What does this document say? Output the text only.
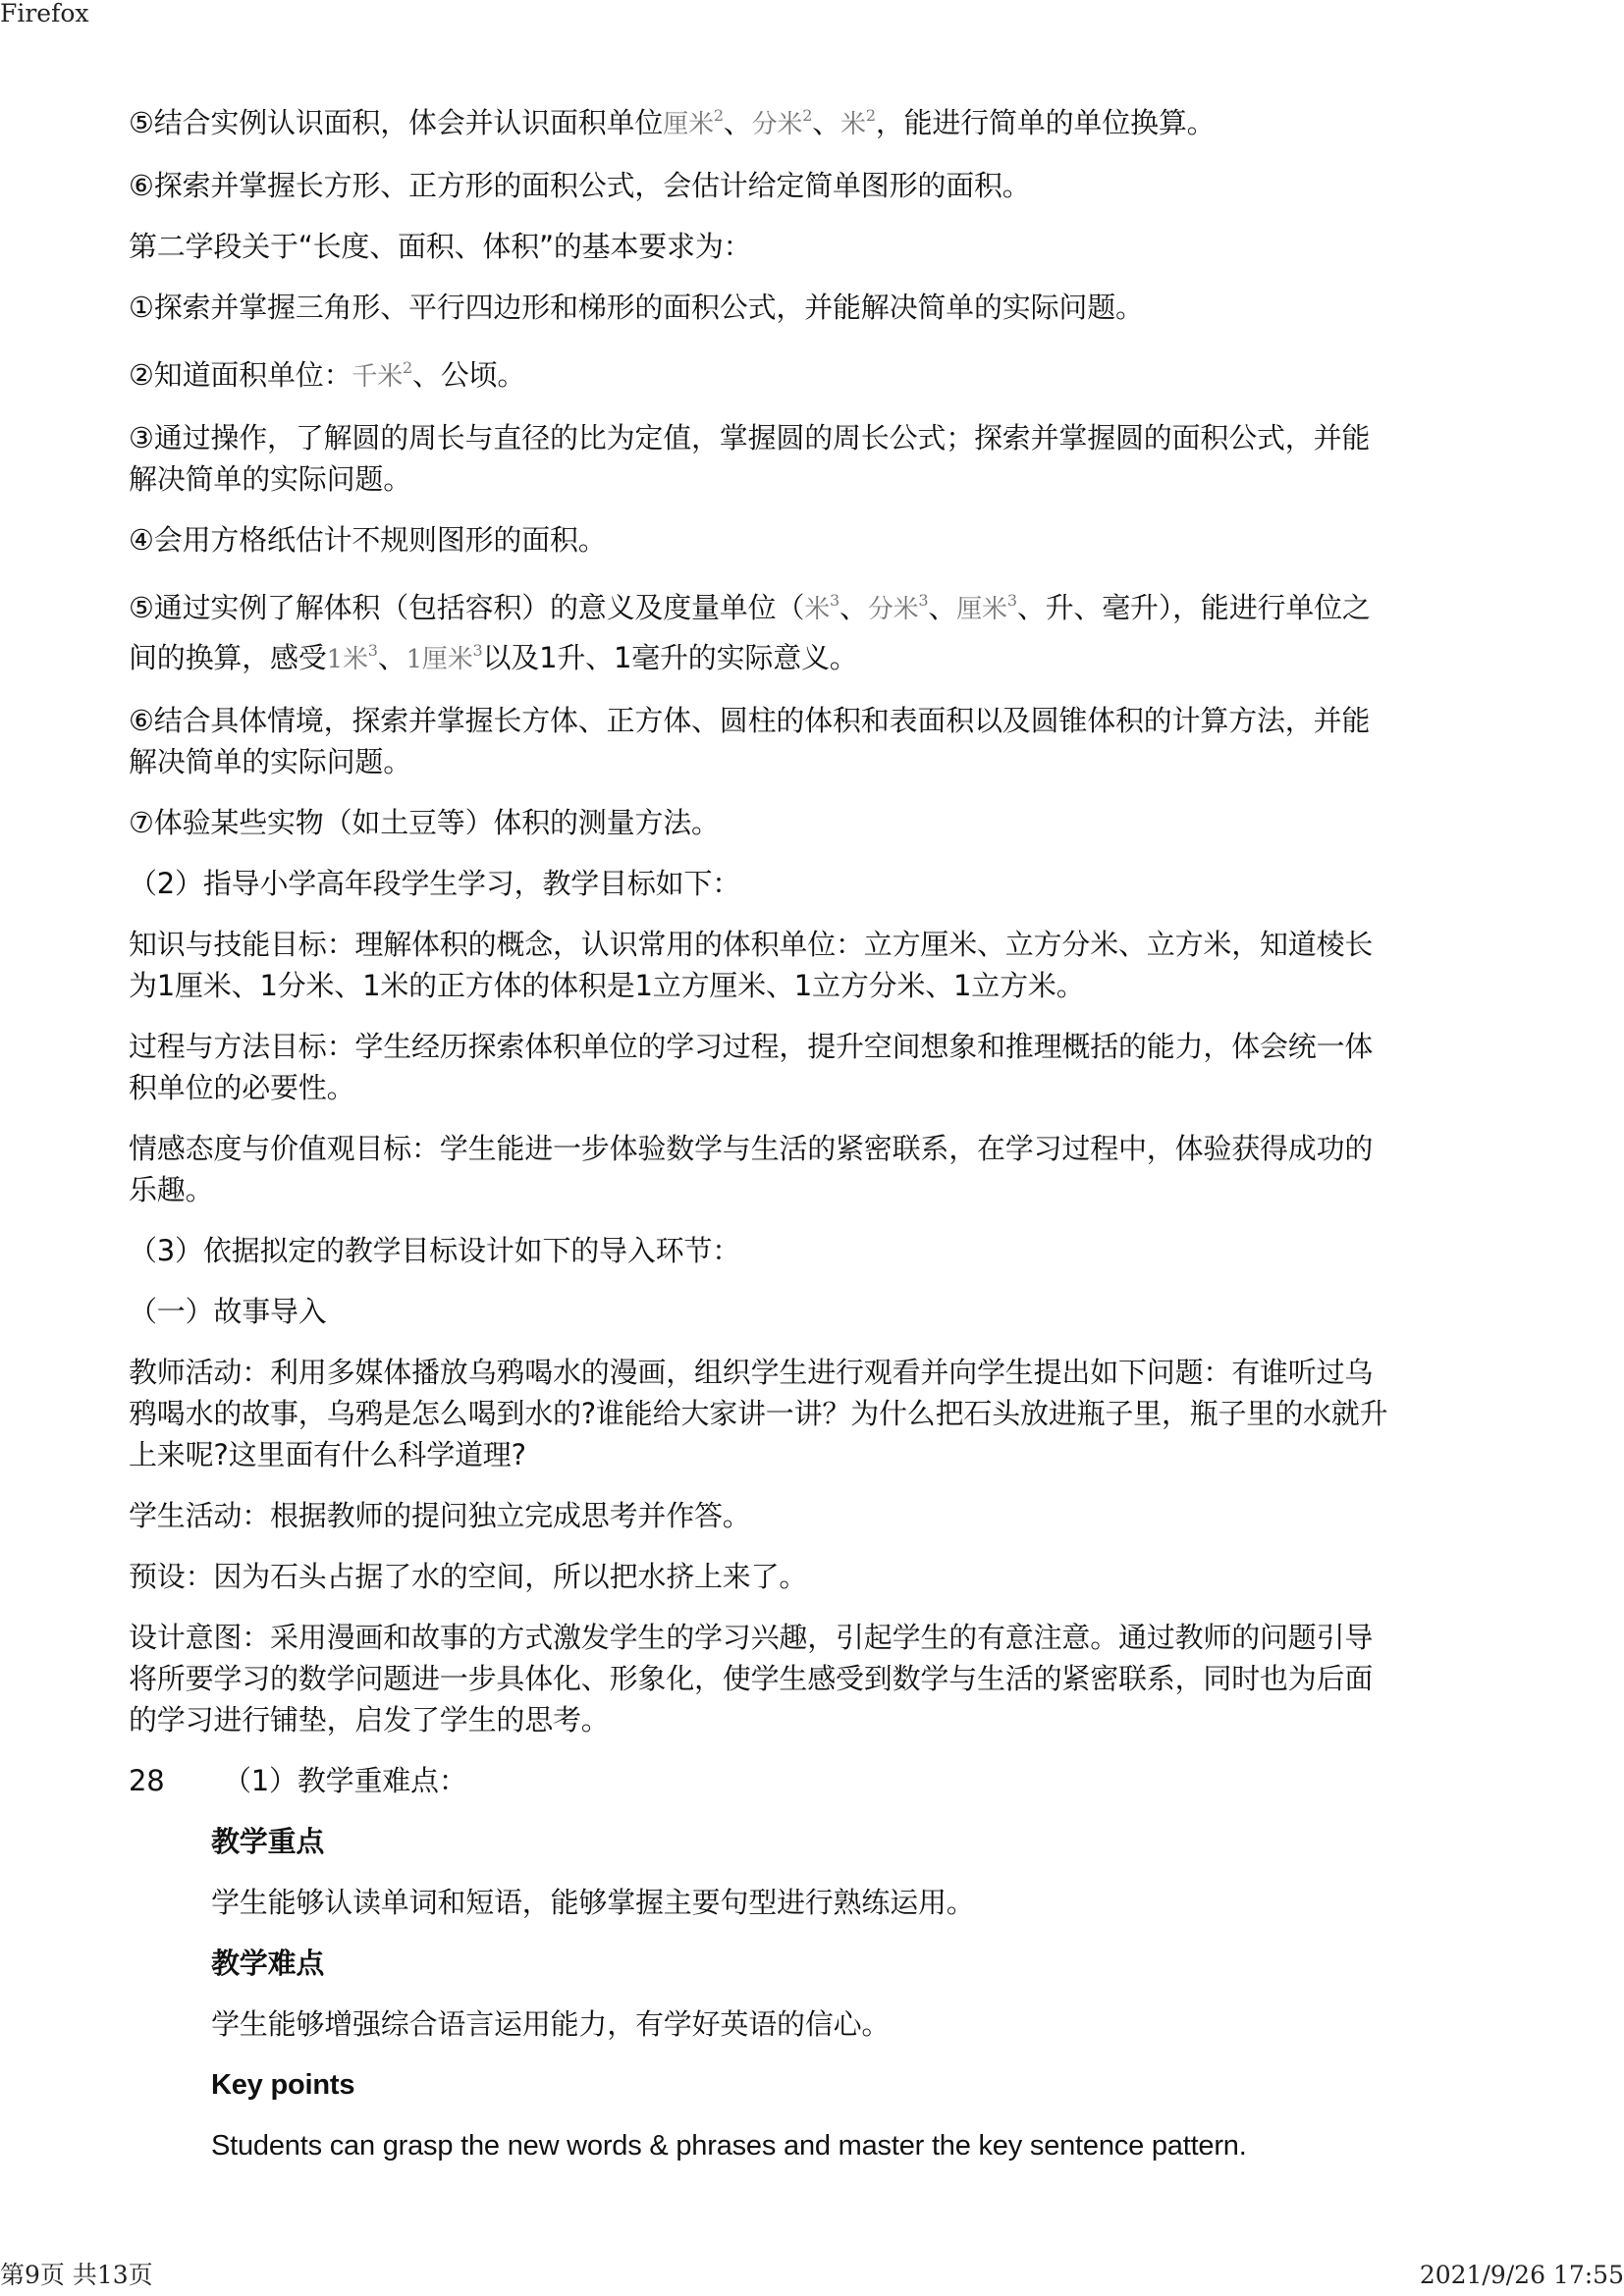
Firefox

⑤结合实例认识面积，体会并认识面积单位厘米$^2$、分米$^2$、米$^2$，能进行简单的单位换算。

⑥探索并掌握长方形、正方形的面积公式，会估计给定简单图形的面积。

第二学段关于“长度、面积、体积”的基本要求为：

①探索并掌握三角形、平行四边形和梯形的面积公式，并能解决简单的实际问题。

②知道面积单位：千米$^2$、公顷。

③通过操作，了解圆的周长与直径的比为定值，掌握圆的周长公式；探索并掌握圆的面积公式，并能解决简单的实际问题。

④会用方格纸估计不规则图形的面积。

⑤通过实例了解体积（包括容积）的意义及度量单位（米$^3$、分米$^3$、厘米$^3$、升、毫升），能进行单位之间的换算，感受1米$^3$、1厘米$^3$以及1升、1毫升的实际意义。

⑥结合具体情境，探索并掌握长方体、正方体、圆柱的体积和表面积以及圆锥体积的计算方法，并能解决简单的实际问题。

⑦体验某些实物（如土豆等）体积的测量方法。

（2）指导小学高年段学生学习，教学目标如下：

知识与技能目标：理解体积的概念，认识常用的体积单位：立方厘米、立方分米、立方米，知道棱长为1厘米、1分米、1米的正方体的体积是1立方厘米、1立方分米、1立方米。

过程与方法目标：学生经历探索体积单位的学习过程，提升空间想象和推理概括的能力，体会统一体积单位的必要性。

情感态度与价值观目标：学生能进一步体验数学与生活的紧密联系，在学习过程中，体验获得成功的乐趣。

（3）依据拟定的教学目标设计如下的导入环节：

（一）故事导入

教师活动：利用多媒体播放乌鸦喝水的漫画，组织学生进行观看并向学生提出如下问题：有谁听过乌鸦喝水的故事，乌鸦是怎么喝到水的?谁能给大家讲一讲？为什么把石头放进瓶子里，瓶子里的水就升上来呢?这里面有什么科学道理?

学生活动：根据教师的提问独立完成思考并作答。

预设：因为石头占据了水的空间，所以把水挤上来了。

设计意图：采用漫画和故事的方式激发学生的学习兴趣，引起学生的有意注意。通过教师的问题引导将所要学习的数学问题进一步具体化、形象化，使学生感受到数学与生活的紧密联系，同时也为后面的学习进行铺垫，启发了学生的思考。

28	（1）教学重难点：

教学重点

学生能够认读单词和短语，能够掌握主要句型进行熟练运用。

教学难点

学生能够增强综合语言运用能力，有学好英语的信心。

Key points

Students can grasp the new words & phrases and master the key sentence pattern.

第9页 共13页	2021/9/26 17:55
